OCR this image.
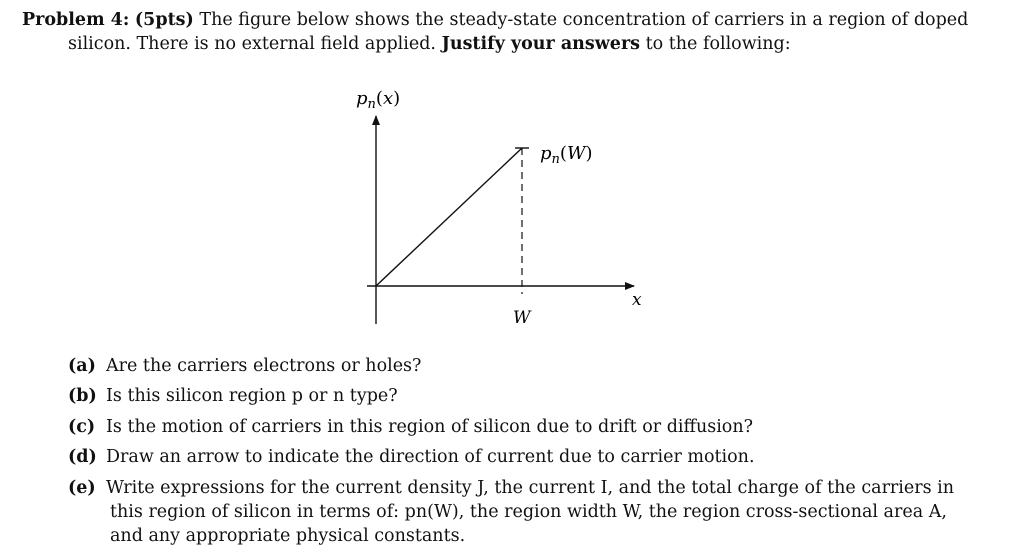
Problem 4: (5pts) The figure below shows the steady-state concentration of carriers in a region of doped
silicon. There is no external field applied. Justify your answers to the following:
$p_n(x)$
$p_n(W)$
x
W
(a) Are the carriers electrons or holes?
(b) Is this silicon region p or n type?
(c) Is the motion of carriers in this region of silicon due to drift or diffusion?
(d) Draw an arrow to indicate the direction of current due to carrier motion.
(e) Write expressions for the current density J, the current I, and the total charge of the carriers in
this region of silicon in terms of: pn(W), the region width W, the region cross-sectional area A,
and any appropriate physical constants.
